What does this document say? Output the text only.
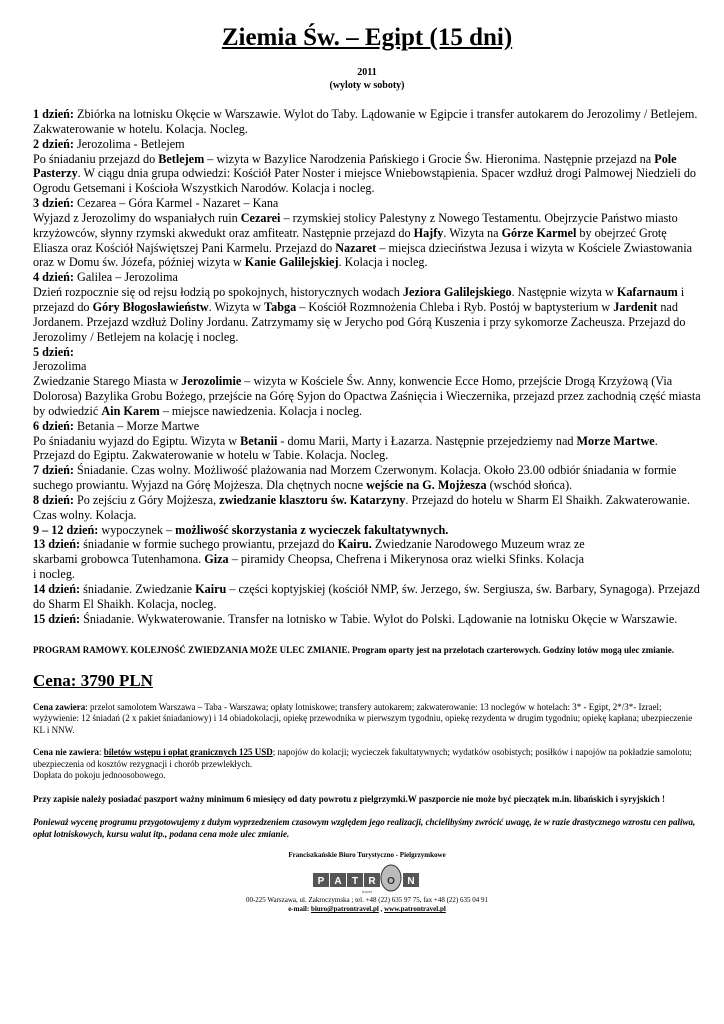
Ziemia Św. – Egipt (15 dni)
2011
(wyloty w soboty)

1 dzień: Zbiórka na lotnisku Okęcie w Warszawie. Wylot do Taby. Lądowanie w Egipcie i transfer autokarem do Jerozolimy / Betlejem. Zakwaterowanie w hotelu. Kolacja. Nocleg.

2 dzień: Jerozolima - Betlejem
Po śniadaniu przejazd do Betlejem – wizyta w Bazylice Narodzenia Pańskiego i Grocie Św. Hieronima. Następnie przejazd na Pole Pasterzy. W ciągu dnia grupa odwiedzi: Kościół Pater Noster i miejsce Wniebowstąpienia. Spacer wzdłuż drogi Palmowej Niedzieli do Ogrodu Getsemani i Kościoła Wszystkich Narodów. Kolacja i nocleg.

3 dzień: Cezarea – Góra Karmel - Nazaret – Kana
Wyjazd z Jerozolimy do wspaniałych ruin Cezarei – rzymskiej stolicy Palestyny z Nowego Testamentu. Obejrzycie Państwo miasto krzyżowców, słynny rzymski akwedukt oraz amfiteatr. Następnie przejazd do Hajfy. Wizyta na Górze Karmel by obejrzeć Grotę Eliasza oraz Kościół Najświętszej Pani Karmelu. Przejazd do Nazaret – miejsca dzieciństwa Jezusa i wizyta w Kościele Zwiastowania oraz w Domu św. Józefa, później wizyta w Kanie Galilejskiej. Kolacja i nocleg.

4 dzień: Galilea – Jerozolima
Dzień rozpocznie się od rejsu łodzią po spokojnych, historycznych wodach Jeziora Galilejskiego. Następnie wizyta w Kafarnaum i przejazd do Góry Błogosławieństw. Wizyta w Tabga – Kościół Rozmnożenia Chleba i Ryb. Postój w baptysterium w Jardenit nad Jordanem. Przejazd wzdłuż Doliny Jordanu. Zatrzymamy się w Jerycho pod Górą Kuszenia i przy sykomorze Zacheusza. Przejazd do Jerozolimy / Betlejem na kolację i nocleg.

5 dzień:
Jerozolima
Zwiedzanie Starego Miasta w Jerozolimie – wizyta w Kościele Św. Anny, konwencie Ecce Homo, przejście Drogą Krzyżową (Via Dolorosa) Bazylika Grobu Bożego, przejście na Górę Syjon do Opactwa Zaśnięcia i Wieczernika, przejazd przez zachodnią część miasta by odwiedzić Ain Karem – miejsce nawiedzenia. Kolacja i nocleg.

6 dzień: Betania – Morze Martwe
Po śniadaniu wyjazd do Egiptu. Wizyta w Betanii - domu Marii, Marty i Łazarza. Następnie przejedziemy nad Morze Martwe. Przejazd do Egiptu. Zakwaterowanie w hotelu w Tabie. Kolacja. Nocleg.

7 dzień: Śniadanie. Czas wolny. Możliwość plażowania nad Morzem Czerwonym. Kolacja. Około 23.00 odbiór śniadania w formie suchego prowiantu. Wyjazd na Górę Mojżesza. Dla chętnych nocne wejście na G. Mojżesza (wschód słońca).

8 dzień: Po zejściu z Góry Mojżesza, zwiedzanie klasztoru św. Katarzyny. Przejazd do hotelu w Sharm El Shaikh. Zakwaterowanie. Czas wolny. Kolacja.

9 – 12 dzień: wypoczynek – możliwość skorzystania z wycieczek fakultatywnych.

13 dzień: śniadanie w formie suchego prowiantu, przejazd do Kairu. Zwiedzanie Narodowego Muzeum wraz ze
skarbami grobowca Tutenhamona. Giza – piramidy Cheopsa, Chefrena i Mikerynosa oraz wielki Sfinks. Kolacja
i nocleg.

14 dzień: śniadanie. Zwiedzanie Kairu – części koptyjskiej (kościół NMP, św. Jerzego, św. Sergiusza, św. Barbary, Synagoga). Przejazd do Sharm El Shaikh. Kolacja, nocleg.

15 dzień: Śniadanie. Wykwaterowanie. Transfer na lotnisko w Tabie. Wylot do Polski. Lądowanie na lotnisku Okęcie w Warszawie.

PROGRAM RAMOWY. KOLEJNOŚĆ ZWIEDZANIA MOŻE ULEC ZMIANIE. Program oparty jest na przelotach czarterowych. Godziny lotów mogą ulec zmianie.
Cena: 3790 PLN
Cena zawiera: przelot samolotem Warszawa – Taba - Warszawa; opłaty lotniskowe; transfery autokarem; zakwaterowanie: 13 noclegów w hotelach: 3* - Egipt, 2*/3*- Izrael; wyżywienie: 12 śniadań (2 x pakiet śniadaniowy) i 14 obiadokolacji, opiekę przewodnika w pierwszym tygodniu, opiekę rezydenta w drugim tygodniu; opiekę kapłana; ubezpieczenie KL i NNW.
Cena nie zawiera: biletów wstępu i opłat granicznych 125 USD; napojów do kolacji; wycieczek fakultatywnych; wydatków osobistych; posiłków i napojów na pokładzie samolotu; ubezpieczenia od kosztów rezygnacji i chorób przewlekłych.
Dopłata do pokoju jednoosobowego.
Przy zapisie należy posiadać paszport ważny minimum 6 miesięcy od daty powrotu z pielgrzymki.W paszporcie nie może być pieczątek m.in. libańskich i syryjskich !
Ponieważ wycenę programu przygotowujemy z dużym wyprzedzeniem czasowym względem jego realizacji, chcielibyśmy zwrócić uwagę, że w razie drastycznego wzrostu cen paliwa, opłat lotniskowych, kursu walut itp., podana cena może ulec zmianie.
Franciszkańskie Biuro Turystyczno - Pielgrzymkowe
P A T R O N
travel
00-225 Warszawa, ul. Zakroczymska ; tel. +48 (22) 635 97 75, fax +48 (22) 635 04 91
e-mail: biuro@patrontravel.pl , www.patrontravel.pl
